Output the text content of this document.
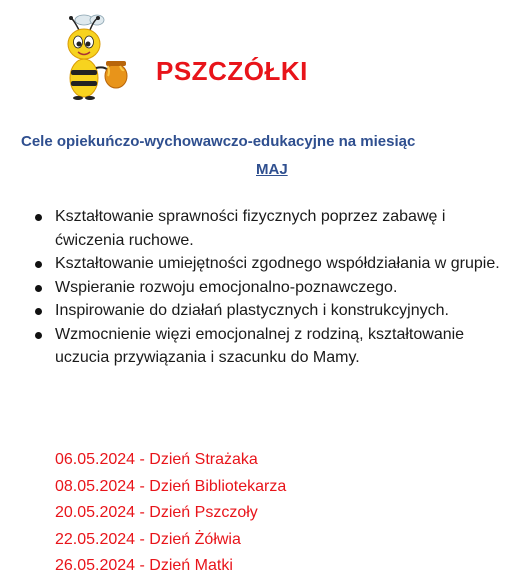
PSZCZÓŁKI
Cele opiekuńczo-wychowawczo-edukacyjne na miesiąc
MAJ
Kształtowanie sprawności fizycznych poprzez zabawę i ćwiczenia ruchowe.
Kształtowanie umiejętności zgodnego współdziałania w grupie.
Wspieranie rozwoju emocjonalno-poznawczego.
Inspirowanie do działań plastycznych i konstrukcyjnych.
Wzmocnienie więzi emocjonalnej z rodziną, kształtowanie uczucia przywiązania i szacunku do Mamy.
06.05.2024 - Dzień Strażaka
08.05.2024 - Dzień Bibliotekarza
20.05.2024 - Dzień Pszczoły
22.05.2024 - Dzień Żółwia
26.05.2024 - Dzień Matki
